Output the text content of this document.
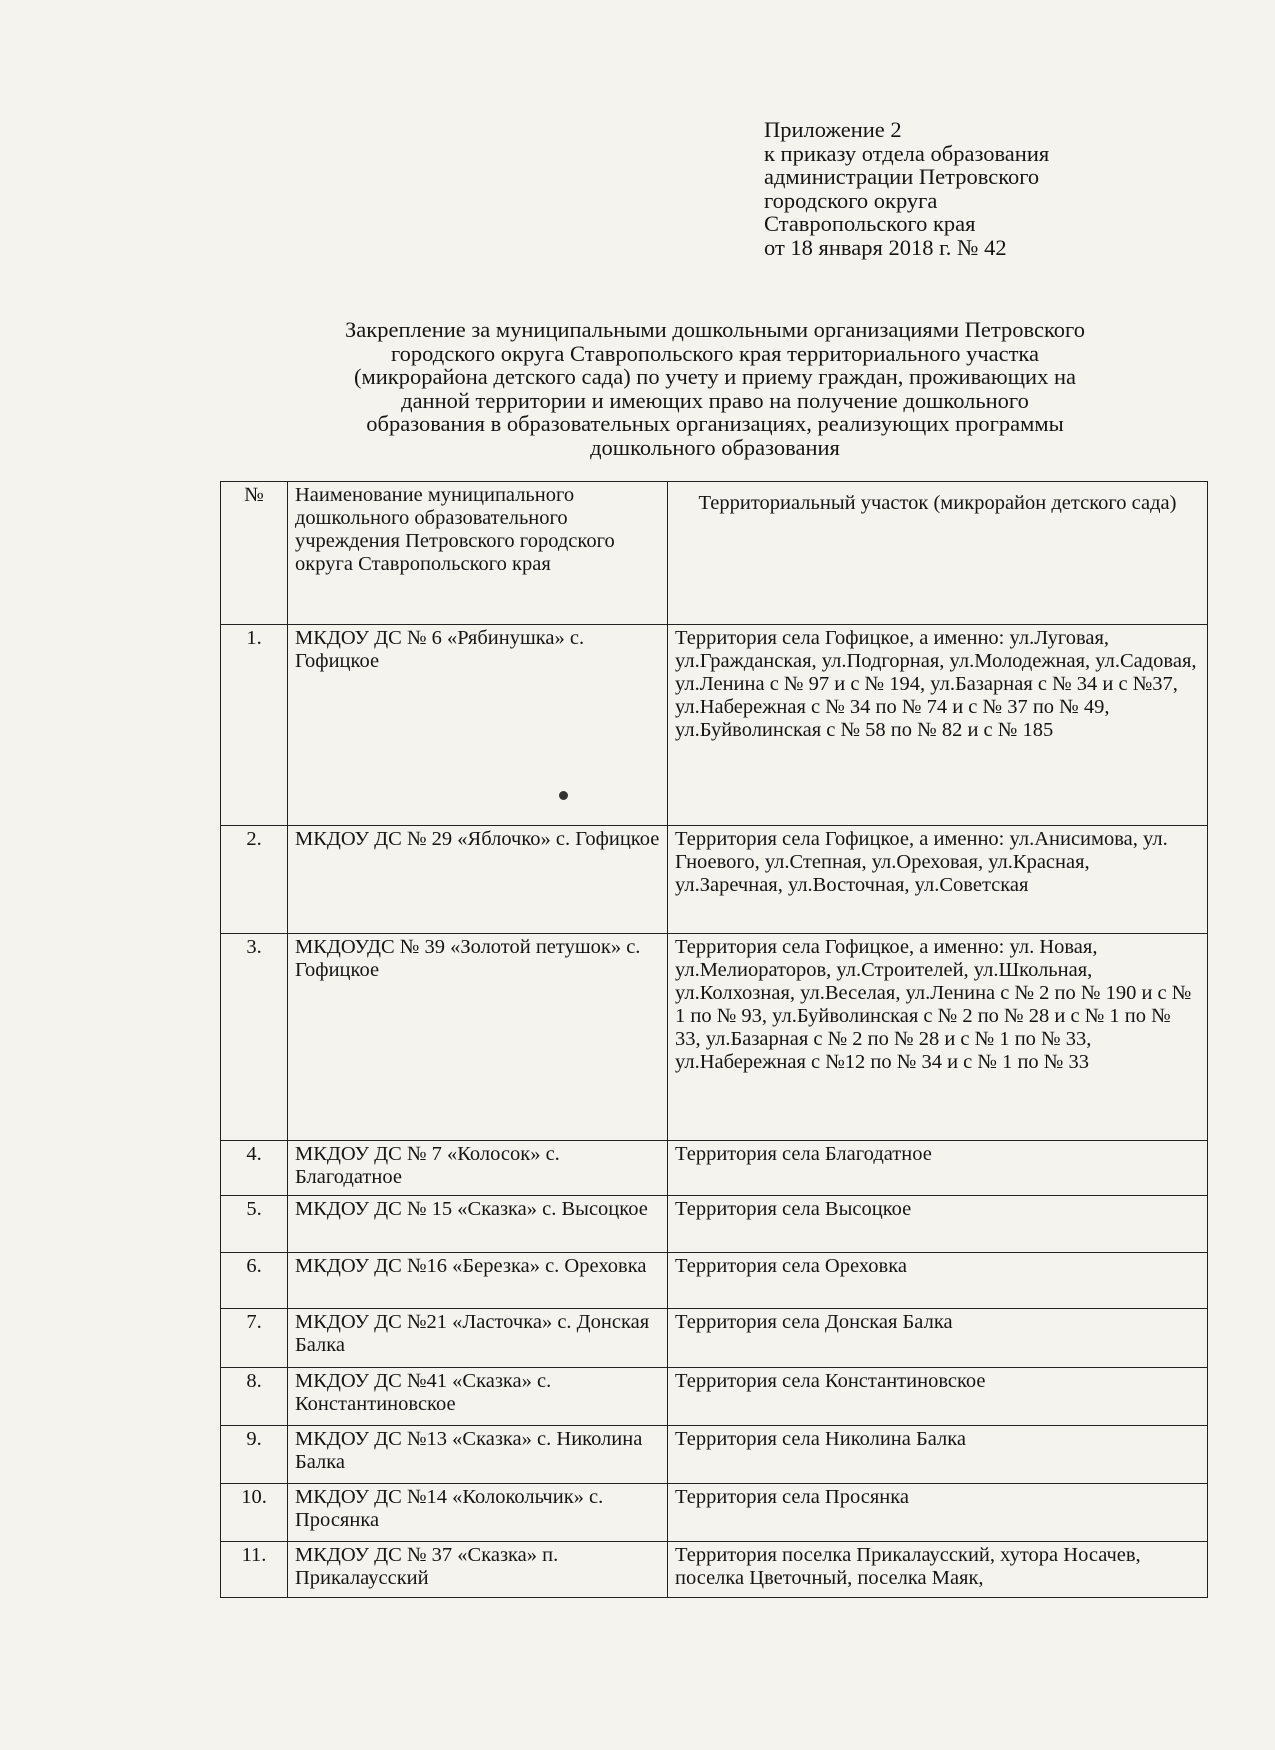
Приложение 2
к приказу отдела образования
администрации Петровского
городского округа
Ставропольского края
от 18 января 2018 г. № 42
Закрепление за муниципальными дошкольными организациями Петровского
городского округа Ставропольского края территориального участка
(микрорайона детского сада) по учету и приему граждан, проживающих на
данной территории и имеющих право на получение дошкольного
образования в образовательных организациях, реализующих программы
дошкольного образования
№	Наименование муниципального дошкольного образовательного учреждения Петровского городского округа Ставропольского края	Территориальный участок (микрорайон детского сада)
1.	МКДОУ ДС № 6 «Рябинушка» с. Гофицкое	Территория села Гофицкое, а именно: ул.Луговая, ул.Гражданская, ул.Подгорная, ул.Молодежная, ул.Садовая, ул.Ленина с № 97 и с № 194, ул.Базарная с № 34 и с №37, ул.Набережная с № 34 по № 74 и с № 37 по № 49, ул.Буйволинская с № 58 по № 82 и с № 185
2.	МКДОУ ДС № 29 «Яблочко» с. Гофицкое	Территория села Гофицкое, а именно: ул.Анисимова, ул. Гноевого, ул.Степная, ул.Ореховая, ул.Красная, ул.Заречная, ул.Восточная, ул.Советская
3.	МКДОУДС № 39 «Золотой петушок» с. Гофицкое	Территория села Гофицкое, а именно: ул. Новая, ул.Мелиораторов, ул.Строителей, ул.Школьная, ул.Колхозная, ул.Веселая, ул.Ленина с № 2 по № 190 и с № 1 по № 93, ул.Буйволинская с № 2 по № 28 и с № 1 по № 33, ул.Базарная с № 2 по № 28 и с № 1 по № 33, ул.Набережная с №12 по № 34 и с № 1 по № 33
4.	МКДОУ ДС № 7 «Колосок» с. Благодатное	Территория села Благодатное
5.	МКДОУ ДС № 15 «Сказка» с. Высоцкое	Территория села Высоцкое
6.	МКДОУ ДС №16 «Березка» с. Ореховка	Территория села Ореховка
7.	МКДОУ ДС №21 «Ласточка» с. Донская Балка	Территория села Донская Балка
8.	МКДОУ ДС №41 «Сказка» с. Константиновское	Территория села Константиновское
9.	МКДОУ ДС №13 «Сказка» с. Николина Балка	Территория села Николина Балка
10.	МКДОУ ДС №14 «Колокольчик» с. Просянка	Территория села Просянка
11.	МКДОУ ДС № 37 «Сказка» п. Прикалаусский	Территория поселка Прикалаусский, хутора Носачев, поселка Цветочный, поселка Маяк,
